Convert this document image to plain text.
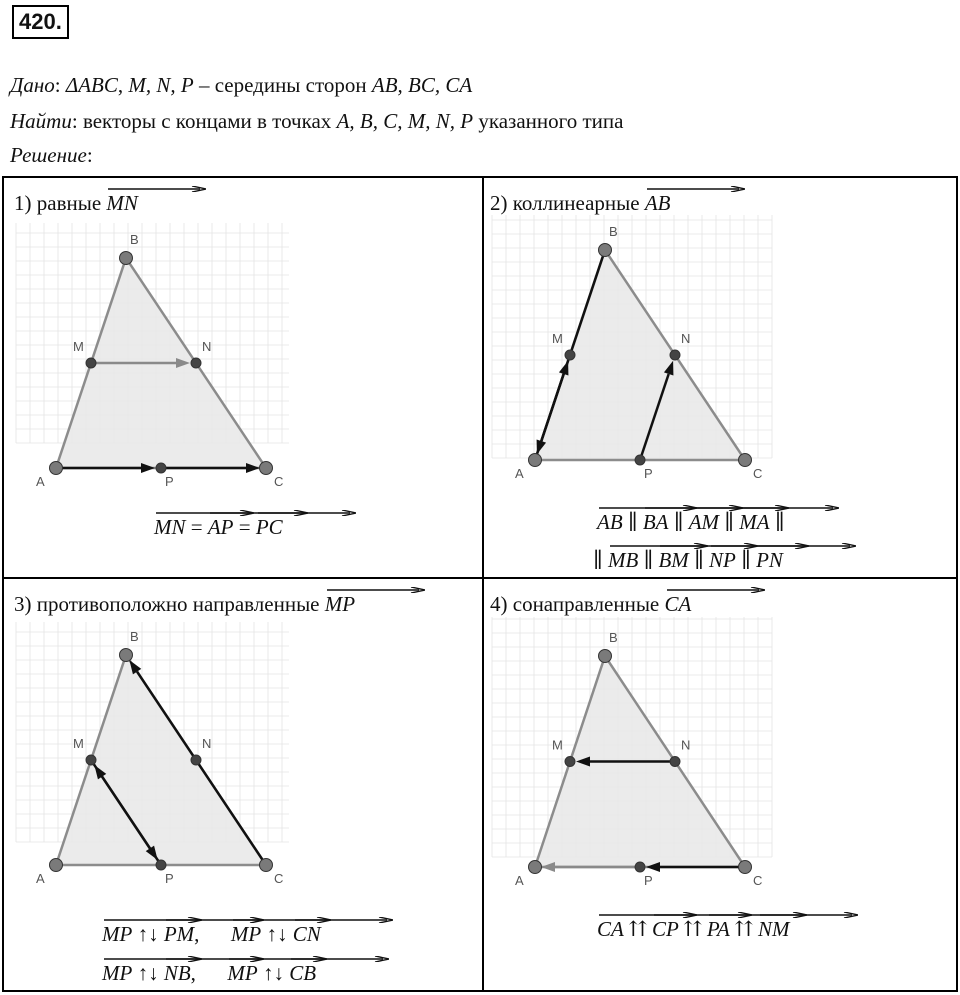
420.
Дано: ΔABC, M, N, P – середины сторон AB, BC, CA
Найти: векторы с концами в точках A, B, C, M, N, P указанного типа
Решение:
1) равные MN
A
B
C
M	N
P
MN
= AP
= PC
2) коллинеарные AB
A
B
C
M	N
P
AB
∥ BA
∥ AM
∥ MA
∥
∥ MB
∥ BM
∥ NP
∥ PN
3) противоположно направленные MP
A
B
C
M	N
P
MP
↑↓ PM
, MP
↑↓ CN
MP
↑↓ NB
, MP
↑↓ CB
4) сонаправленные CA
A
B
C
M	N
P
CA
⇈ CP
⇈ PA
⇈ NM
